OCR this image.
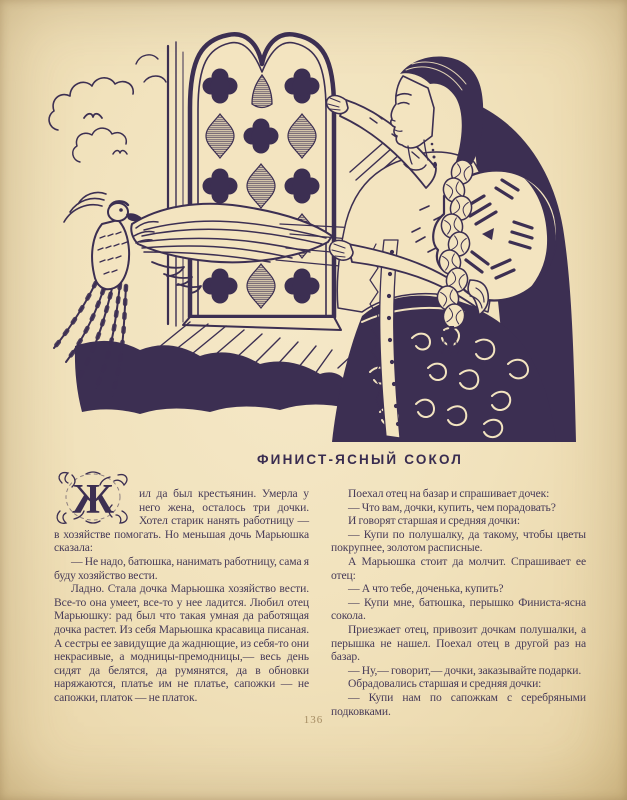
ФИНИСТ-ЯСНЫЙ СОКОЛ

Ж ил да был крестьянин. Умерла у него жена, осталось три дочки. Хотел старик нанять работницу — в хозяйстве помогать. Но меньшая дочь Марьюшка сказала:

— Не надо, батюшка, нанимать работницу, сама я буду хозяйство вести.

Ладно. Стала дочка Марьюшка хозяйство вести. Все-то она умеет, все-то у нее ладится. Любил отец Марьюшку: рад был что такая умная да работящая дочка растет. Из себя Марьюшка красавица писаная. А сестры ее завидущие да жаднющие, из себя-то они некрасивые, а модницы-премодницы,— весь день сидят да белятся, да румянятся, да в обновки наряжаются, платье им не платье, сапожки — не сапожки, платок — не платок.

Поехал отец на базар и спрашивает дочек:

— Что вам, дочки, купить, чем порадовать?

И говорят старшая и средняя дочки:

— Купи по полушалку, да такому, чтобы цветы покрупнее, золотом расписные.

А Марьюшка стоит да молчит. Спрашивает ее отец:

— А что тебе, доченька, купить?

— Купи мне, батюшка, перышко Финиста-ясна сокола.

Приезжает отец, привозит дочкам полушалки, а перышка не нашел. Поехал отец в другой раз на базар.

— Ну,— говорит,— дочки, заказывайте подарки.

Обрадовались старшая и средняя дочки:

— Купи нам по сапожкам с серебряными подковками.

136
